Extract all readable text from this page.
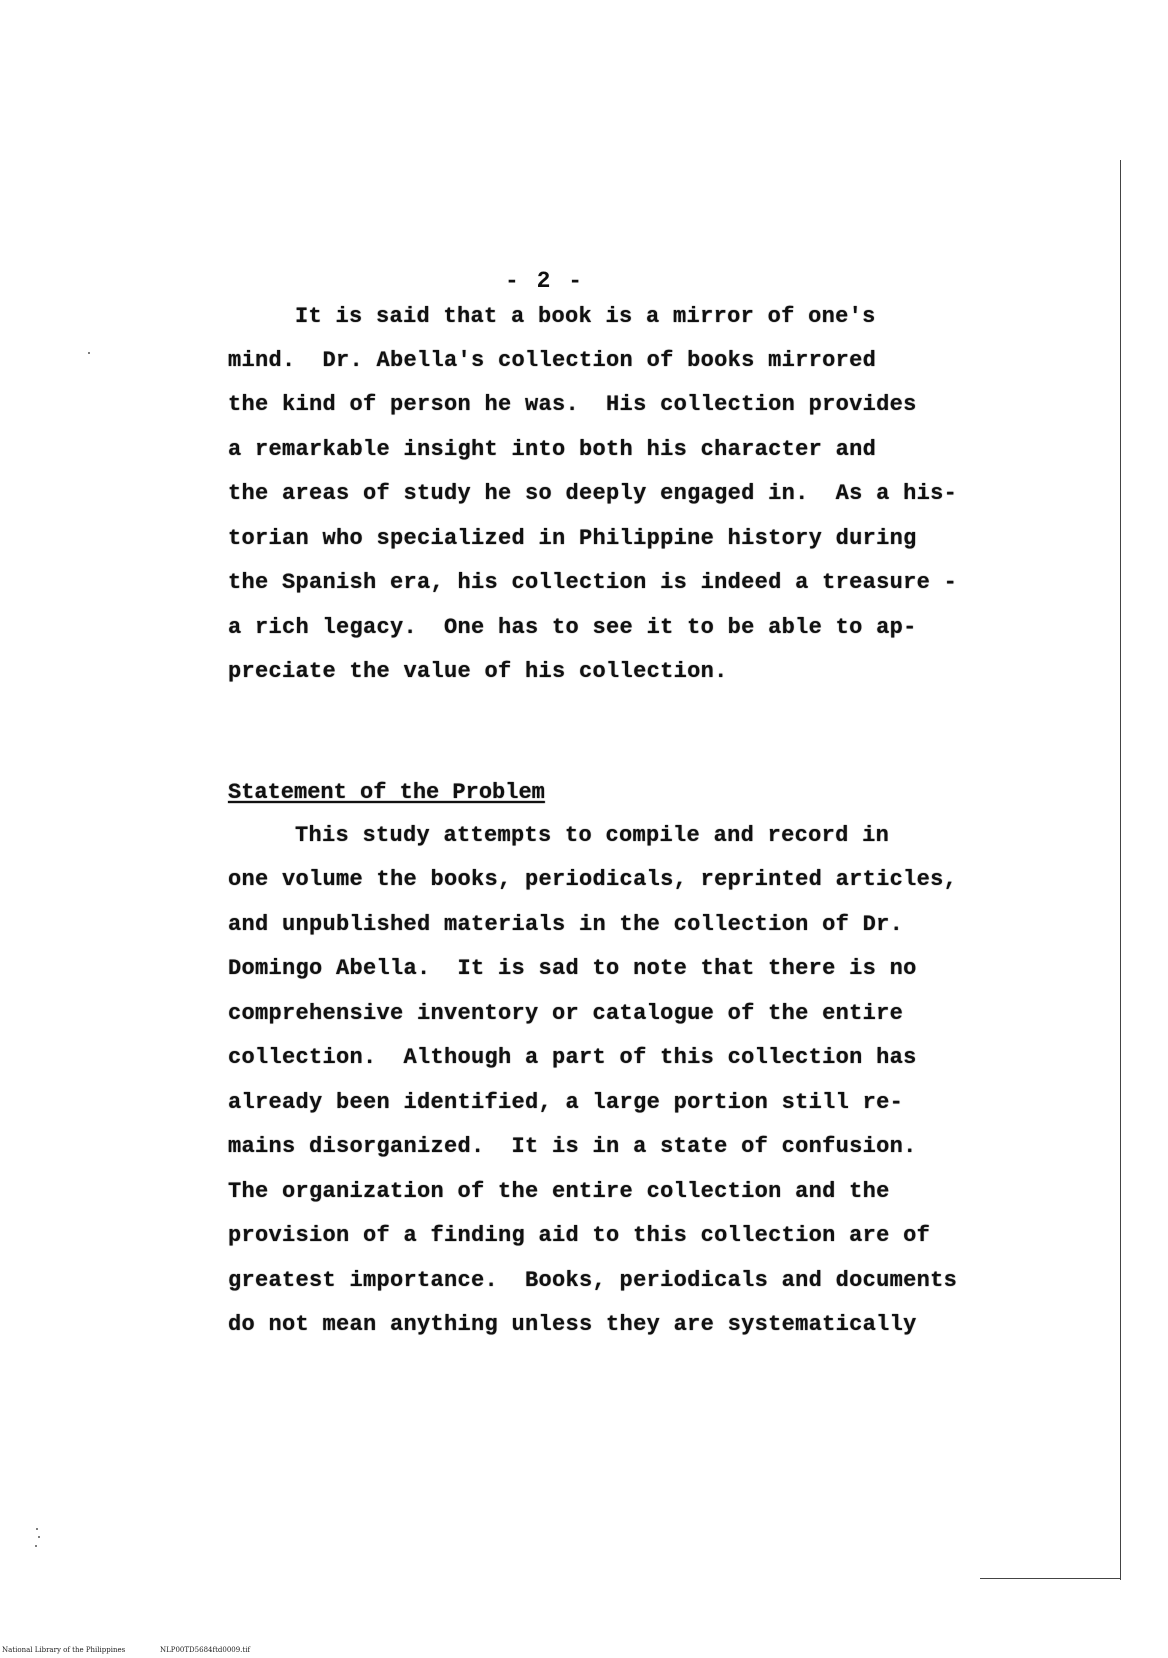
- 2 -
It is said that a book is a mirror of one's
mind.  Dr. Abella's collection of books mirrored
the kind of person he was.  His collection provides
a remarkable insight into both his character and
the areas of study he so deeply engaged in.  As a his-
torian who specialized in Philippine history during
the Spanish era, his collection is indeed a treasure -
a rich legacy.  One has to see it to be able to ap-
preciate the value of his collection.
Statement of the Problem
This study attempts to compile and record in
one volume the books, periodicals, reprinted articles,
and unpublished materials in the collection of Dr.
Domingo Abella.  It is sad to note that there is no
comprehensive inventory or catalogue of the entire
collection.  Although a part of this collection has
already been identified, a large portion still re-
mains disorganized.  It is in a state of confusion.
The organization of the entire collection and the
provision of a finding aid to this collection are of
greatest importance.  Books, periodicals and documents
do not mean anything unless they are systematically
National Library of the Philippines	NLP00TD5684ftd0009.tif
